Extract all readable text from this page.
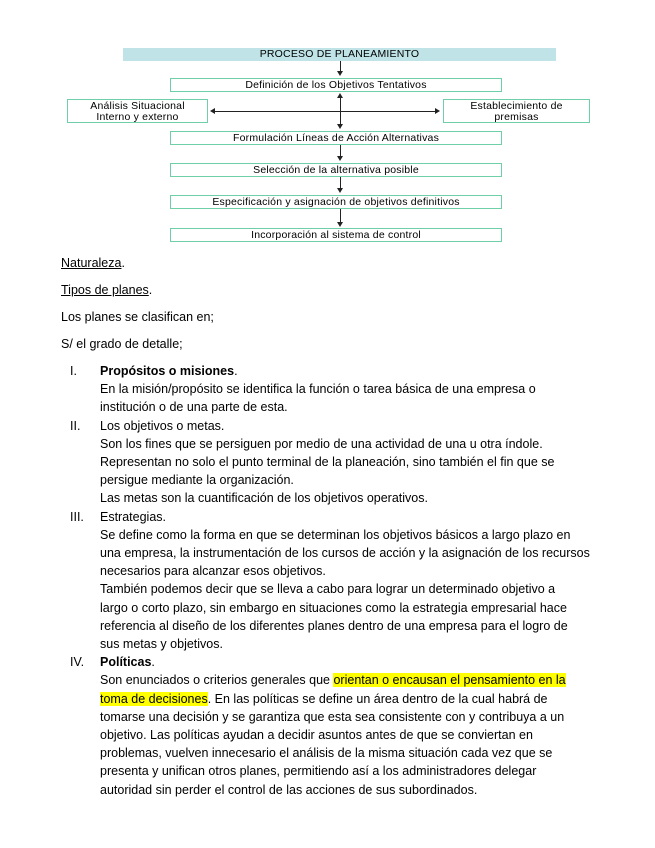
PROCESO DE PLANEAMIENTO
Definición de los Objetivos Tentativos
Análisis Situacional
Interno y externo
Establecimiento de
premisas
Formulación Líneas de Acción Alternativas
Selección de la alternativa posible
Especificación y asignación de objetivos definitivos
Incorporación al sistema de control
Naturaleza.
Tipos de planes.
Los planes se clasifican en;
S/ el grado de detalle;
I.	Propósitos o misiones.
En la misión/propósito se identifica la función o tarea básica de una empresa o
institución o de una parte de esta.
II.	Los objetivos o metas.
Son los fines que se persiguen por medio de una actividad de una u otra índole.
Representan no solo el punto terminal de la planeación, sino también el fin que se
persigue mediante la organización.
Las metas son la cuantificación de los objetivos operativos.
III.	Estrategias.
Se define como la forma en que se determinan los objetivos básicos a largo plazo en
una empresa, la instrumentación de los cursos de acción y la asignación de los recursos
necesarios para alcanzar esos objetivos.
También podemos decir que se lleva a cabo para lograr un determinado objetivo a
largo o corto plazo, sin embargo en situaciones como la estrategia empresarial hace
referencia al diseño de los diferentes planes dentro de una empresa para el logro de
sus metas y objetivos.
IV.	Políticas.
Son enunciados o criterios generales que orientan o encausan el pensamiento en la
toma de decisiones. En las políticas se define un área dentro de la cual habrá de
tomarse una decisión y se garantiza que esta sea consistente con y contribuya a un
objetivo. Las políticas ayudan a decidir asuntos antes de que se conviertan en
problemas, vuelven innecesario el análisis de la misma situación cada vez que se
presenta y unifican otros planes, permitiendo así a los administradores delegar
autoridad sin perder el control de las acciones de sus subordinados.
